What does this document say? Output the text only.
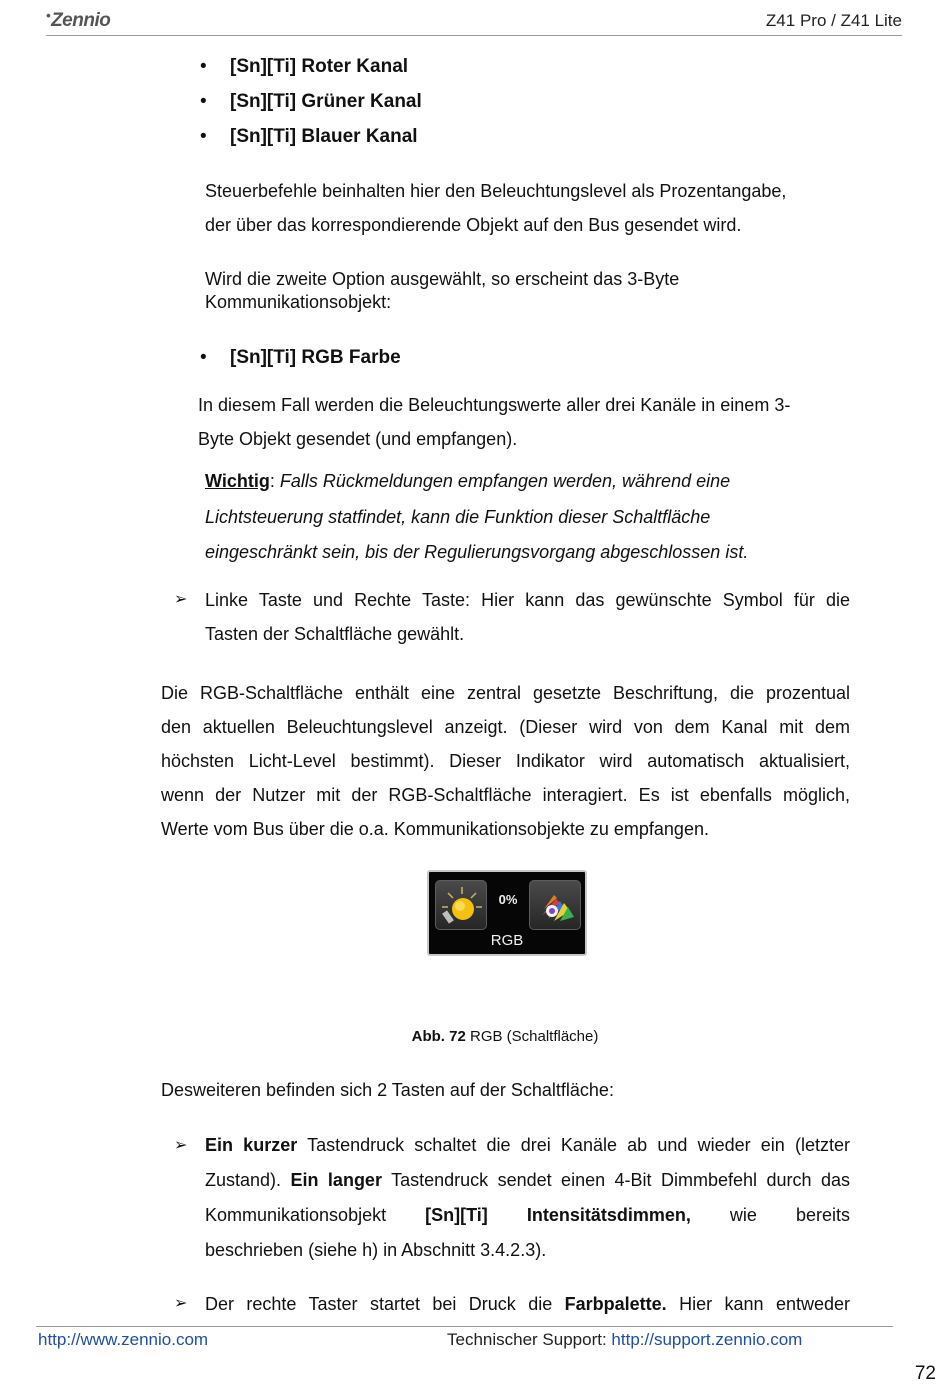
•Zennio	Z41 Pro / Z41 Lite
• [Sn][Ti] Roter Kanal
• [Sn][Ti] Grüner Kanal
• [Sn][Ti] Blauer Kanal
Steuerbefehle beinhalten hier den Beleuchtungslevel als Prozentangabe,
der über das korrespondierende Objekt auf den Bus gesendet wird.
Wird die zweite Option ausgewählt, so erscheint das 3-Byte
Kommunikationsobjekt:
• [Sn][Ti] RGB Farbe
In diesem Fall werden die Beleuchtungswerte aller drei Kanäle in einem 3-
Byte Objekt gesendet (und empfangen).
Wichtig: Falls Rückmeldungen empfangen werden, während eine
Lichtsteuerung statfindet, kann die Funktion dieser Schaltfläche
eingeschränkt sein, bis der Regulierungsvorgang abgeschlossen ist.
➢ Linke Taste und Rechte Taste: Hier kann das gewünschte Symbol für die
Tasten der Schaltfläche gewählt.
Die RGB-Schaltfläche enthält eine zentral gesetzte Beschriftung, die prozentual
den aktuellen Beleuchtungslevel anzeigt. (Dieser wird von dem Kanal mit dem
höchsten Licht-Level bestimmt). Dieser Indikator wird automatisch aktualisiert,
wenn der Nutzer mit der RGB-Schaltfläche interagiert. Es ist ebenfalls möglich,
Werte vom Bus über die o.a. Kommunikationsobjekte zu empfangen.
0%
RGB
Abb. 72 RGB (Schaltfläche)
Desweiteren befinden sich 2 Tasten auf der Schaltfläche:
➢ Ein kurzer Tastendruck schaltet die drei Kanäle ab und wieder ein (letzter
Zustand). Ein langer Tastendruck sendet einen 4-Bit Dimmbefehl durch das
Kommunikationsobjekt [Sn][Ti] Intensitätsdimmen, wie bereits
beschrieben (siehe h) in Abschnitt 3.4.2.3).
➢ Der rechte Taster startet bei Druck die Farbpalette. Hier kann entweder
http://www.zennio.com	Technischer Support: http://support.zennio.com
72
